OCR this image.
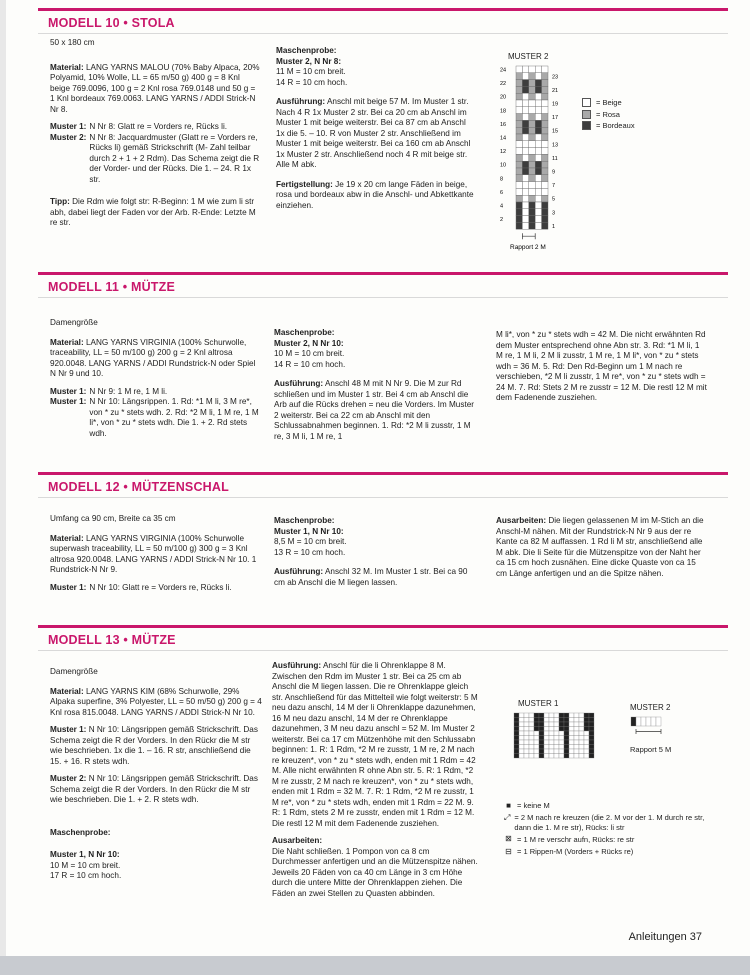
MODELL 10 • STOLA

50 x 180 cm

Material: LANG YARNS MALOU (70% Baby Alpaca, 20% Polyamid, 10% Wolle, LL = 65 m/50 g) 400 g = 8 Knl beige 769.0096, 100 g = 2 Knl rosa 769.0148 und 50 g = 1 Knl bordeaux 769.0063. LANG YARNS / ADDI Strick-N Nr 8.

Muster 1: N Nr 8: Glatt re = Vorders re, Rücks li.
Muster 2: N Nr 8: Jacquardmuster (Glatt re = Vorders re, Rücks li) gemäß Strickschrift (M- Zahl teilbar durch 2 + 1 + 2 Rdm). Das Schema zeigt die R der Vorder- und der Rücks. Die 1. – 24. R 1x str.

Tipp: Die Rdm wie folgt str: R-Beginn: 1 M wie zum li str abh, dabei liegt der Faden vor der Arb. R-Ende: Letzte M re str.

Maschenprobe:
Muster 2, N Nr 8:
11 M = 10 cm breit.

14 R = 10 cm hoch.

Ausführung: Anschl mit beige 57 M. Im Muster 1 str. Nach 4 R 1x Muster 2 str. Bei ca 20 cm ab Anschl im Muster 1 mit beige weiterstr. Bei ca 87 cm ab Anschl 1x die 5. – 10. R von Muster 2 str. Anschließend im Muster 1 mit beige weiterstr. Bei ca 160 cm ab Anschl 1x Muster 2 str. Anschließend noch 4 R mit beige str. Alle M abk.

Fertigstellung: Je 19 x 20 cm lange Fäden in beige, rosa und bordeaux abw in die Anschl- und Abkettkante einziehen.

MUSTER 2
24
22
20
18
16
14
12
10
8
6
4
2
23
21
19
17
15
13
11
9
7
5
3
1
Rapport 2 M
= Beige
= Rosa
= Bordeaux
MODELL 11 • MÜTZE

Damengröße

Material: LANG YARNS VIRGINIA (100% Schurwolle, traceability, LL = 50 m/100 g) 200 g = 2 Knl altrosa 920.0048. LANG YARNS / ADDI Rundstrick-N oder Spiel N Nr 9 und 10.

Muster 1: N Nr 9: 1 M re, 1 M li.
Muster 1: N Nr 10: Längsrippen. 1. Rd: *1 M li, 3 M re*, von * zu * stets wdh. 2. Rd: *2 M li, 1 M re, 1 M li*, von * zu * stets wdh. Die 1. + 2. Rd stets wdh.
Maschenprobe:
Muster 2, N Nr 10:
10 M = 10 cm breit.

14 R = 10 cm hoch.

Ausführung: Anschl 48 M mit N Nr 9. Die M zur Rd schließen und im Muster 1 str. Bei 4 cm ab Anschl die Arb auf die Rücks drehen = neu die Vorders. Im Muster 2 weiterstr. Bei ca 22 cm ab Anschl mit den Schlussabnahmen beginnen. 1. Rd: *2 M li zusstr, 1 M re, 3 M li, 1 M re, 1

M li*, von * zu * stets wdh = 42 M. Die nicht erwähnten Rd dem Muster entsprechend ohne Abn str. 3. Rd: *1 M li, 1 M re, 1 M li, 2 M li zusstr, 1 M re, 1 M li*, von * zu * stets wdh = 36 M. 5. Rd: Den Rd-Beginn um 1 M nach re verschieben, *2 M li zusstr, 1 M re*, von * zu * stets wdh = 24 M. 7. Rd: Stets 2 M re zusstr = 12 M. Die restl 12 M mit dem Fadenende zusziehen.

MODELL 12 • MÜTZENSCHAL

Umfang ca 90 cm, Breite ca 35 cm

Material: LANG YARNS VIRGINIA (100% Schurwolle superwash traceability, LL = 50 m/100 g) 300 g = 3 Knl altrosa 920.0048. LANG YARNS / ADDI Strick-N Nr 10. 1 Rundstrick-N Nr 9.

Muster 1: N Nr 10: Glatt re = Vorders re, Rücks li.
Maschenprobe:
Muster 1, N Nr 10:
8,5 M = 10 cm breit.

13 R = 10 cm hoch.

Ausführung: Anschl 32 M. Im Muster 1 str. Bei ca 90 cm ab Anschl die M liegen lassen.

Ausarbeiten: Die liegen gelassenen M im M-Stich an die Anschl-M nähen. Mit der Rundstrick-N Nr 9 aus der re Kante ca 82 M auffassen. 1 Rd li M str, anschließend alle M abk. Die li Seite für die Mützenspitze von der Naht her ca 15 cm hoch zusnähen. Eine dicke Quaste von ca 15 cm Länge anfertigen und an die Spitze nähen.

MODELL 13 • MÜTZE

Damengröße

Material: LANG YARNS KIM (68% Schurwolle, 29% Alpaka superfine, 3% Polyester, LL = 50 m/50 g) 200 g = 4 Knl rosa 815.0048. LANG YARNS / ADDI Strick-N Nr 10.

Muster 1: N Nr 10: Längsrippen gemäß Strickschrift. Das Schema zeigt die R der Vorders. In den Rückr die M str wie beschrieben. 1x die 1. – 16. R str, anschließend die 15. + 16. R stets wdh.

Muster 2: N Nr 10: Längsrippen gemäß Strickschrift. Das Schema zeigt die R der Vorders. In den Rückr die M str wie beschrieben. Die 1. + 2. R stets wdh.

Maschenprobe:
Muster 1, N Nr 10:
10 M = 10 cm breit.
17 R = 10 cm hoch.

Ausführung: Anschl für die li Ohrenklappe 8 M. Zwischen den Rdm im Muster 1 str. Bei ca 25 cm ab Anschl die M liegen lassen. Die re Ohrenklappe gleich str. Anschließend für das Mittelteil wie folgt weiterstr: 5 M neu dazu anschl, 14 M der li Ohrenklappe dazunehmen, 16 M neu dazu anschl, 14 M der re Ohrenklappe dazunehmen, 3 M neu dazu anschl = 52 M. Im Muster 2 weiterstr. Bei ca 17 cm Mützenhöhe mit den Schlussabn beginnen: 1. R: 1 Rdm, *2 M re zusstr, 1 M re, 2 M nach re kreuzen*, von * zu * stets wdh, enden mit 1 Rdm = 42 M. Alle nicht erwähnten R ohne Abn str. 5. R: 1 Rdm, *2 M re zusstr, 2 M nach re kreuzen*, von * zu * stets wdh, enden mit 1 Rdm = 32 M. 7. R: 1 Rdm, *2 M re zusstr, 1 M re*, von * zu * stets wdh, enden mit 1 Rdm = 22 M. 9. R: 1 Rdm, stets 2 M re zusstr, enden mit 1 Rdm = 12 M. Die restl 12 M mit dem Fadenende zusziehen.

Ausarbeiten:
Die Naht schließen. 1 Pompon von ca 8 cm Durchmesser anfertigen und an die Mützenspitze nähen. Jeweils 20 Fäden von ca 40 cm Länge in 3 cm Höhe durch die untere Mitte der Ohrenklappen ziehen. Die Fäden an zwei Stellen zu Quasten abbinden.

MUSTER 1	MUSTER 2
Rapport 5 M
■ = keine M
⤢ = 2 M nach re kreuzen (die 2. M vor der 1. M durch re str, dann die 1. M re str), Rücks: li str
⊠ = 1 M re verschr aufn, Rücks: re str
⊟ = 1 Rippen-M (Vorders + Rücks re)
Anleitungen 37
